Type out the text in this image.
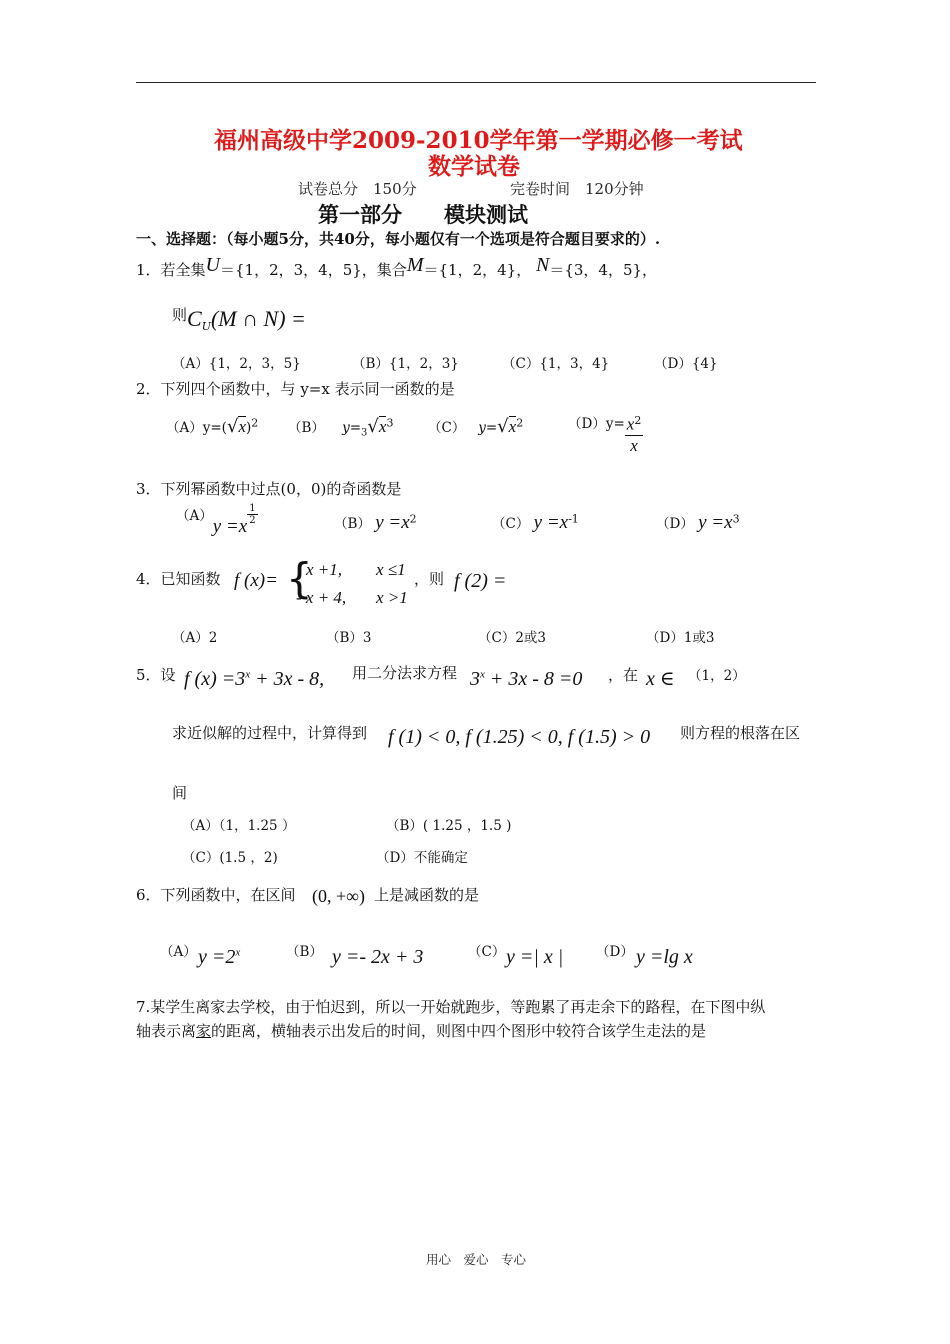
福州高级中学2009-2010学年第一学期必修一考试
数学试卷
试卷总分　150分	完卷时间　120分钟
第一部分　　模块测试
一、选择题：（每小题5分，共40分，每小题仅有一个选项是符合题目要求的）.
1．若全集U＝{1，2，3，4，5}，集合M＝{1，2，4}， N＝{3，4，5}，
则$C_U(M$ ∩ N) =
（A）{1，2，3，5}	（B）{1，2，3}	（C）{1，3，4}	（D）{4}
2．下列四个函数中，与 y=x 表示同一函数的是
$(A)y=(√x)^2$ （B） $y=_3√x^3$	（C） $y=√x^2$	$(D)y= \frac{x^2}{x}$
3．下列幂函数中过点(0，0)的奇函数是
（A）y =x
$\frac{1}{2}$	（B） $y =x^2$	（C） $y =x^{-1}$	（D） $y =x^3$
4．已知函数 f (x)= {
x +1, x ≤1
- x + 4, x >1
，则 f (2) =
（A）2	（B）3	（C）2或3	（D）1或3
5．设 f $(x) =3^x + 3x - 8$, 用二分法求方程 $3^x + 3x - 8 =0$ ，在 x ∈ （1，2）
求近似解的过程中，计算得到 f (1) < 0, f (1.25) < 0, f (1.5) > 0 则方程的根落在区
间
（A）（1，1.25 ）	（B）( 1.25 ，1.5 )
（C）(1.5 ，2)	（D）不能确定
6．下列函数中，在区间 (0, +∞) 上是减函数的是
（A） $y =2^x$	（B） y =- 2x + 3	（C） y =| x | （D） y =lg x
7.某学生离家去学校，由于怕迟到，所以一开始就跑步，等跑累了再走余下的路程，在下图中纵
轴表示离家的距离，横轴表示出发后的时间，则图中四个图形中较符合该学生走法的是
用心　爱心　专心
